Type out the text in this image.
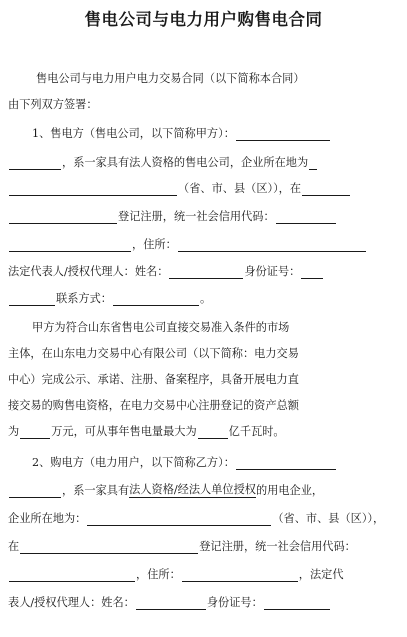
售电公司与电力用户购售电合同
售电公司与电力用户电力交易合同（以下简称本合同）
由下列双方签署：
1、售电方（售电公司，以下简称甲方）：
，系一家具有法人资格的售电公司，企业所在地为
（省、市、县（区）），在
登记注册，统一社会信用代码：
，住所：
法定代表人/授权代理人：姓名：	身份证号：
联系方式：	。
甲方为符合山东省售电公司直接交易准入条件的市场
主体，在山东电力交易中心有限公司（以下简称：电力交易
中心）完成公示、承诺、注册、备案程序，具备开展电力直
接交易的购售电资格，在电力交易中心注册登记的资产总额
为	万元，可从事年售电量最大为	亿千瓦时。
2、购电方（电力用户，以下简称乙方）：
，系一家具有 法人资格/经法人单位授权 的用电企业，
企业所在地为：	（省、市、县（区）），
在	登记注册，统一社会信用代码：
，住所：	，法定代
表人/授权代理人：姓名：	身份证号：
